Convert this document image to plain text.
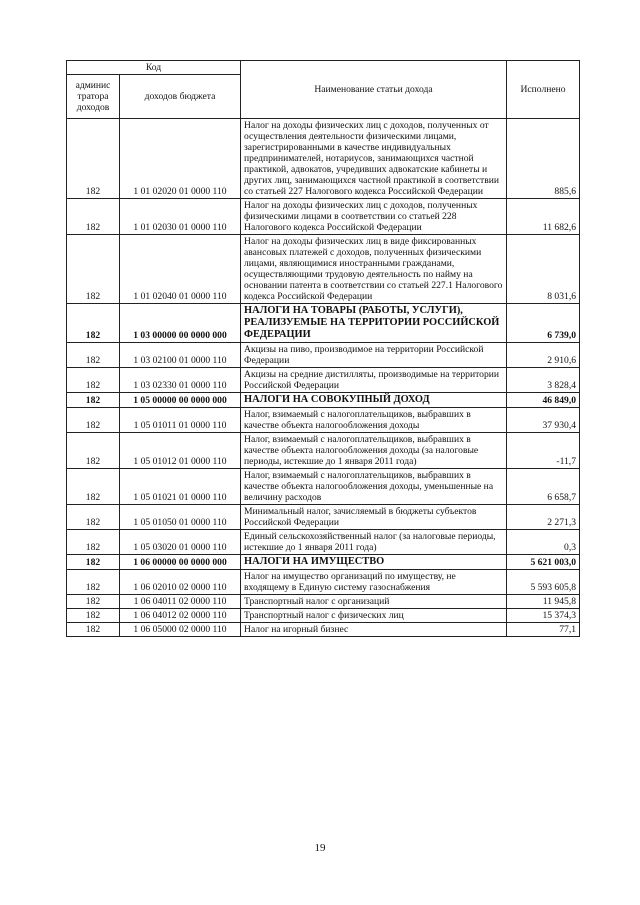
Код		Наименование статьи дохода	Исполнено
админис тратора доходов	доходов бюджета		
182	1 01 02020 01 0000 110	Налог на доходы физических лиц с доходов, полученных от осуществления деятельности физическими лицами, зарегистрированными в качестве индивидуальных предпринимателей, нотариусов, занимающихся частной практикой, адвокатов, учредивших адвокатские кабинеты и других лиц, занимающихся частной практикой в соответствии со статьей 227 Налогового кодекса Российской Федерации	885,6
182	1 01 02030 01 0000 110	Налог на доходы физических лиц с доходов, полученных физическими лицами в соответствии со статьей 228 Налогового кодекса Российской Федерации	11 682,6
182	1 01 02040 01 0000 110	Налог на доходы физических лиц в виде фиксированных авансовых платежей с доходов, полученных физическими лицами, являющимися иностранными гражданами, осуществляющими трудовую деятельность по найму на основании патента в соответствии со статьей 227.1 Налогового кодекса Российской Федерации	8 031,6
182	1 03 00000 00 0000 000	НАЛОГИ НА ТОВАРЫ (РАБОТЫ, УСЛУГИ), РЕАЛИЗУЕМЫЕ НА ТЕРРИТОРИИ РОССИЙСКОЙ ФЕДЕРАЦИИ	6 739,0
182	1 03 02100 01 0000 110	Акцизы на пиво, производимое на территории Российской Федерации	2 910,6
182	1 03 02330 01 0000 110	Акцизы на средние дистилляты, производимые на территории Российской Федерации	3 828,4
182	1 05 00000 00 0000 000	НАЛОГИ НА СОВОКУПНЫЙ ДОХОД	46 849,0
182	1 05 01011 01 0000 110	Налог, взимаемый с налогоплательщиков, выбравших в качестве объекта налогообложения доходы	37 930,4
182	1 05 01012 01 0000 110	Налог, взимаемый с налогоплательщиков, выбравших в качестве объекта налогообложения доходы (за налоговые периоды, истекшие до 1 января 2011 года)	-11,7
182	1 05 01021 01 0000 110	Налог, взимаемый с налогоплательщиков, выбравших в качестве объекта налогообложения доходы, уменьшенные на величину расходов	6 658,7
182	1 05 01050 01 0000 110	Минимальный налог, зачисляемый в бюджеты субъектов Российской Федерации	2 271,3
182	1 05 03020 01 0000 110	Единый сельскохозяйственный налог (за налоговые периоды, истекшие до 1 января 2011 года)	0,3
182	1 06 00000 00 0000 000	НАЛОГИ НА ИМУЩЕСТВО	5 621 003,0
182	1 06 02010 02 0000 110	Налог на имущество организаций по имуществу, не входящему в Единую систему газоснабжения	5 593 605,8
182	1 06 04011 02 0000 110	Транспортный налог с организаций	11 945,8
182	1 06 04012 02 0000 110	Транспортный налог с физических лиц	15 374,3
182	1 06 05000 02 0000 110	Налог на игорный бизнес	77,1
19
